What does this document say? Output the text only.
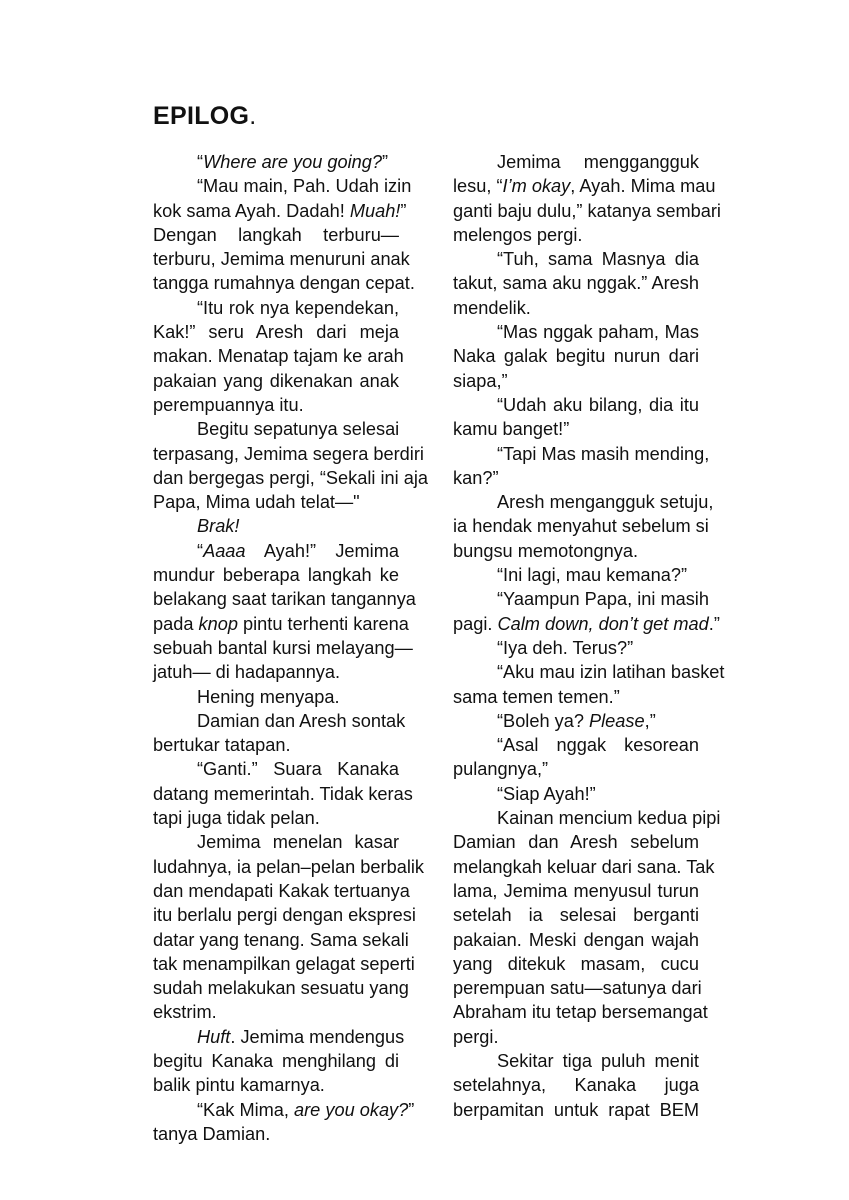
EPILOG.
“Where are you going?”
“Mau main, Pah. Udah izin
kok sama Ayah. Dadah! Muah!”
Dengan langkah terburu—
terburu, Jemima menuruni anak
tangga rumahnya dengan cepat.
“Itu rok nya kependekan,
Kak!” seru Aresh dari meja
makan. Menatap tajam ke arah
pakaian yang dikenakan anak
perempuannya itu.
Begitu sepatunya selesai
terpasang, Jemima segera berdiri
dan bergegas pergi, “Sekali ini aja
Papa, Mima udah telat—"
Brak!
“Aaaa Ayah!” Jemima
mundur beberapa langkah ke
belakang saat tarikan tangannya
pada knop pintu terhenti karena
sebuah bantal kursi melayang—
jatuh— di hadapannya.
Hening menyapa.
Damian dan Aresh sontak
bertukar tatapan.
“Ganti.” Suara Kanaka
datang memerintah. Tidak keras
tapi juga tidak pelan.
Jemima menelan kasar
ludahnya, ia pelan–pelan berbalik
dan mendapati Kakak tertuanya
itu berlalu pergi dengan ekspresi
datar yang tenang. Sama sekali
tak menampilkan gelagat seperti
sudah melakukan sesuatu yang
ekstrim.
Huft. Jemima mendengus
begitu Kanaka menghilang di
balik pintu kamarnya.
“Kak Mima, are you okay?”
tanya Damian.
Jemima menggangguk
lesu, “I’m okay, Ayah. Mima mau
ganti baju dulu,” katanya sembari
melengos pergi.
“Tuh, sama Masnya dia
takut, sama aku nggak.” Aresh
mendelik.
“Mas nggak paham, Mas
Naka galak begitu nurun dari
siapa,”
“Udah aku bilang, dia itu
kamu banget!”
“Tapi Mas masih mending,
kan?”
Aresh mengangguk setuju,
ia hendak menyahut sebelum si
bungsu memotongnya.
“Ini lagi, mau kemana?”
“Yaampun Papa, ini masih
pagi. Calm down, don’t get mad.”
“Iya deh. Terus?”
“Aku mau izin latihan basket
sama temen temen.”
“Boleh ya? Please,”
“Asal nggak kesorean
pulangnya,”
“Siap Ayah!”
Kainan mencium kedua pipi
Damian dan Aresh sebelum
melangkah keluar dari sana. Tak
lama, Jemima menyusul turun
setelah ia selesai berganti
pakaian. Meski dengan wajah
yang ditekuk masam, cucu
perempuan satu—satunya dari
Abraham itu tetap bersemangat
pergi.
Sekitar tiga puluh menit
setelahnya, Kanaka juga
berpamitan untuk rapat BEM
